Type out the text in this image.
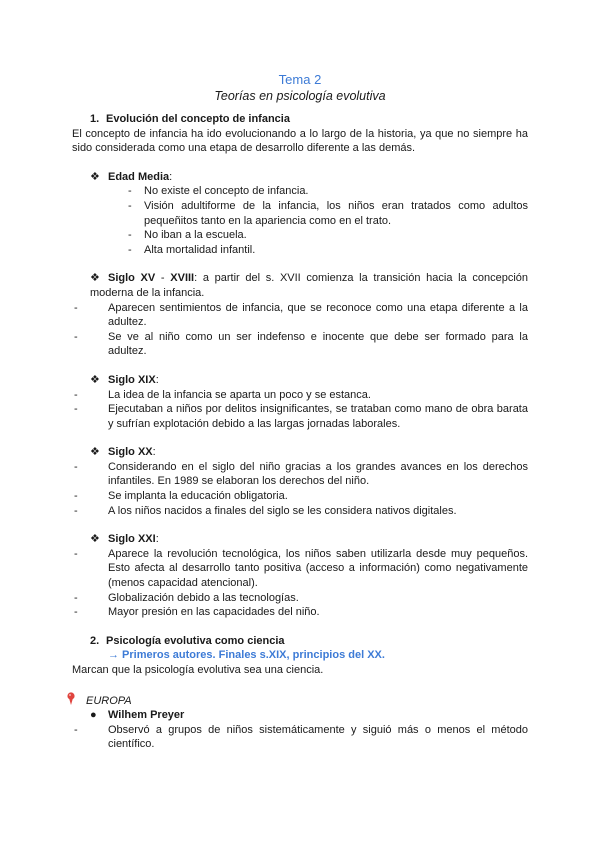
Tema 2
Teorías en psicología evolutiva
1. Evolución del concepto de infancia
El concepto de infancia ha ido evolucionando a lo largo de la historia, ya que no siempre ha sido considerada como una etapa de desarrollo diferente a las demás.
❖ Edad Media:
- No existe el concepto de infancia.
- Visión adultiforme de la infancia, los niños eran tratados como adultos pequeñitos tanto en la apariencia como en el trato.
- No iban a la escuela.
- Alta mortalidad infantil.
❖ Siglo XV - XVIII: a partir del s. XVII comienza la transición hacia la concepción moderna de la infancia.
- Aparecen sentimientos de infancia, que se reconoce como una etapa diferente a la adultez.
- Se ve al niño como un ser indefenso e inocente que debe ser formado para la adultez.
❖ Siglo XIX:
- La idea de la infancia se aparta un poco y se estanca.
- Ejecutaban a niños por delitos insignificantes, se trataban como mano de obra barata y sufrían explotación debido a las largas jornadas laborales.
❖ Siglo XX:
- Considerando en el siglo del niño gracias a los grandes avances en los derechos infantiles. En 1989 se elaboran los derechos del niño.
- Se implanta la educación obligatoria.
- A los niños nacidos a finales del siglo se les considera nativos digitales.
❖ Siglo XXI:
- Aparece la revolución tecnológica, los niños saben utilizarla desde muy pequeños. Esto afecta al desarrollo tanto positiva (acceso a información) como negativamente (menos capacidad atencional).
- Globalización debido a las tecnologías.
- Mayor presión en las capacidades del niño.
2. Psicología evolutiva como ciencia
→ Primeros autores. Finales s.XIX, principios del XX.
Marcan que la psicología evolutiva sea una ciencia.
EUROPA
● Wilhem Preyer
- Observó a grupos de niños sistemáticamente y siguió más o menos el método científico.
